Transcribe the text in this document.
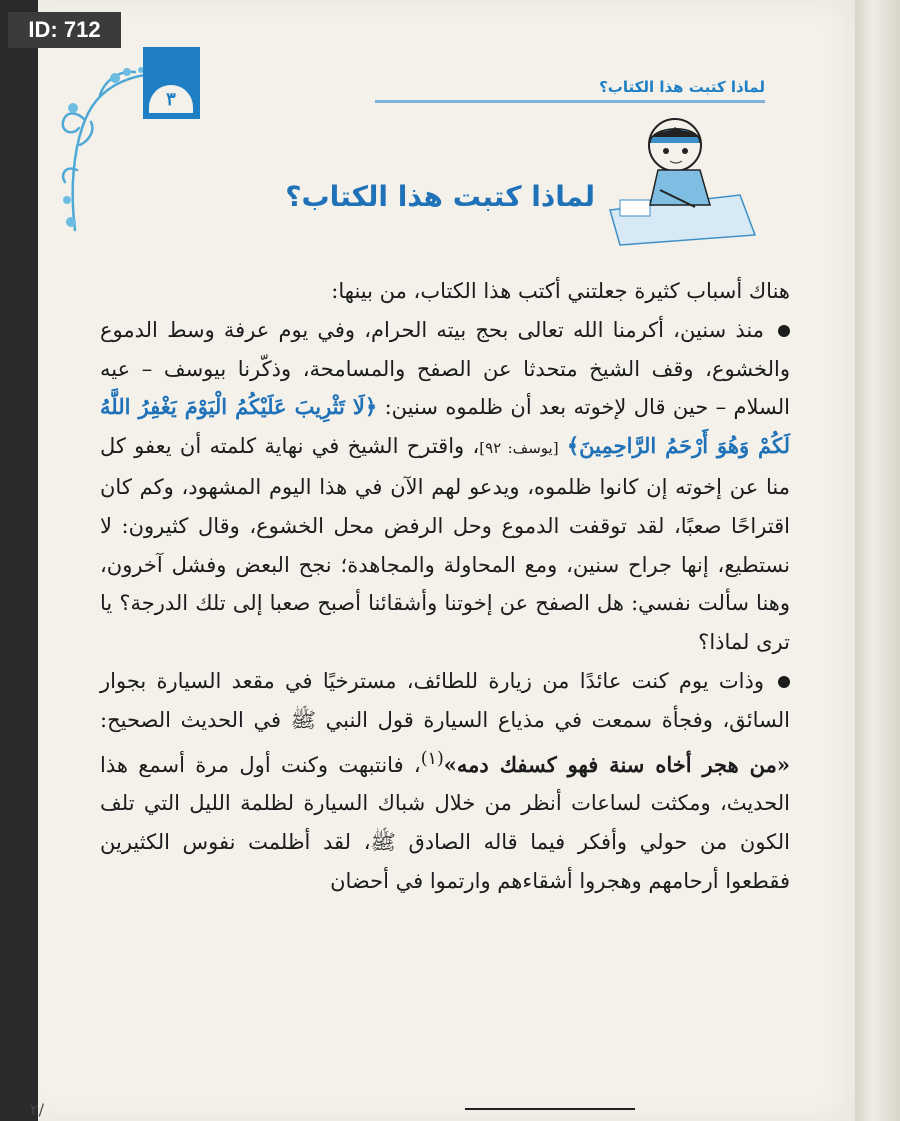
ID: 712
٣
لماذا كتبت هذا الكتاب؟
لماذا كتبت هذا الكتاب؟

هناك أسباب كثيرة جعلتني أكتب هذا الكتاب، من بينها:

منذ سنين، أكرمنا الله تعالى بحج بيته الحرام، وفي يوم عرفة وسط الدموع والخشوع، وقف الشيخ متحدثا عن الصفح والمسامحة، وذكّرنا بيوسف – عيه السلام – حين قال لإخوته بعد أن ظلموه سنين: ﴿لَا تَثْرِيبَ عَلَيْكُمُ الْيَوْمَ يَغْفِرُ اللَّهُ لَكُمْ وَهُوَ أَرْحَمُ الرَّاحِمِينَ﴾ [يوسف: ٩٢]، واقترح الشيخ في نهاية كلمته أن يعفو كل منا عن إخوته إن كانوا ظلموه، ويدعو لهم الآن في هذا اليوم المشهود، وكم كان اقتراحًا صعبًا، لقد توقفت الدموع وحل الرفض محل الخشوع، وقال كثيرون: لا نستطيع، إنها جراح سنين، ومع المحاولة والمجاهدة؛ نجح البعض وفشل آخرون، وهنا سألت نفسي: هل الصفح عن إخوتنا وأشقائنا أصبح صعبا إلى تلك الدرجة؟ يا ترى لماذا؟

وذات يوم كنت عائدًا من زيارة للطائف، مسترخيًا في مقعد السيارة بجوار السائق، وفجأة سمعت في مذياع السيارة قول النبي ﷺ في الحديث الصحيح: «من هجر أخاه سنة فهو كسفك دمه»$^{(١)}$، فانتبهت وكنت أول مرة أسمع هذا الحديث، ومكثت لساعات أنظر من خلال شباك السيارة لظلمة الليل التي تلف الكون من حولي وأفكر فيما قاله الصادق ﷺ، لقد أظلمت نفوس الكثيرين فقطعوا أرحامهم وهجروا أشقاءهم وارتموا في أحضان

/٢
